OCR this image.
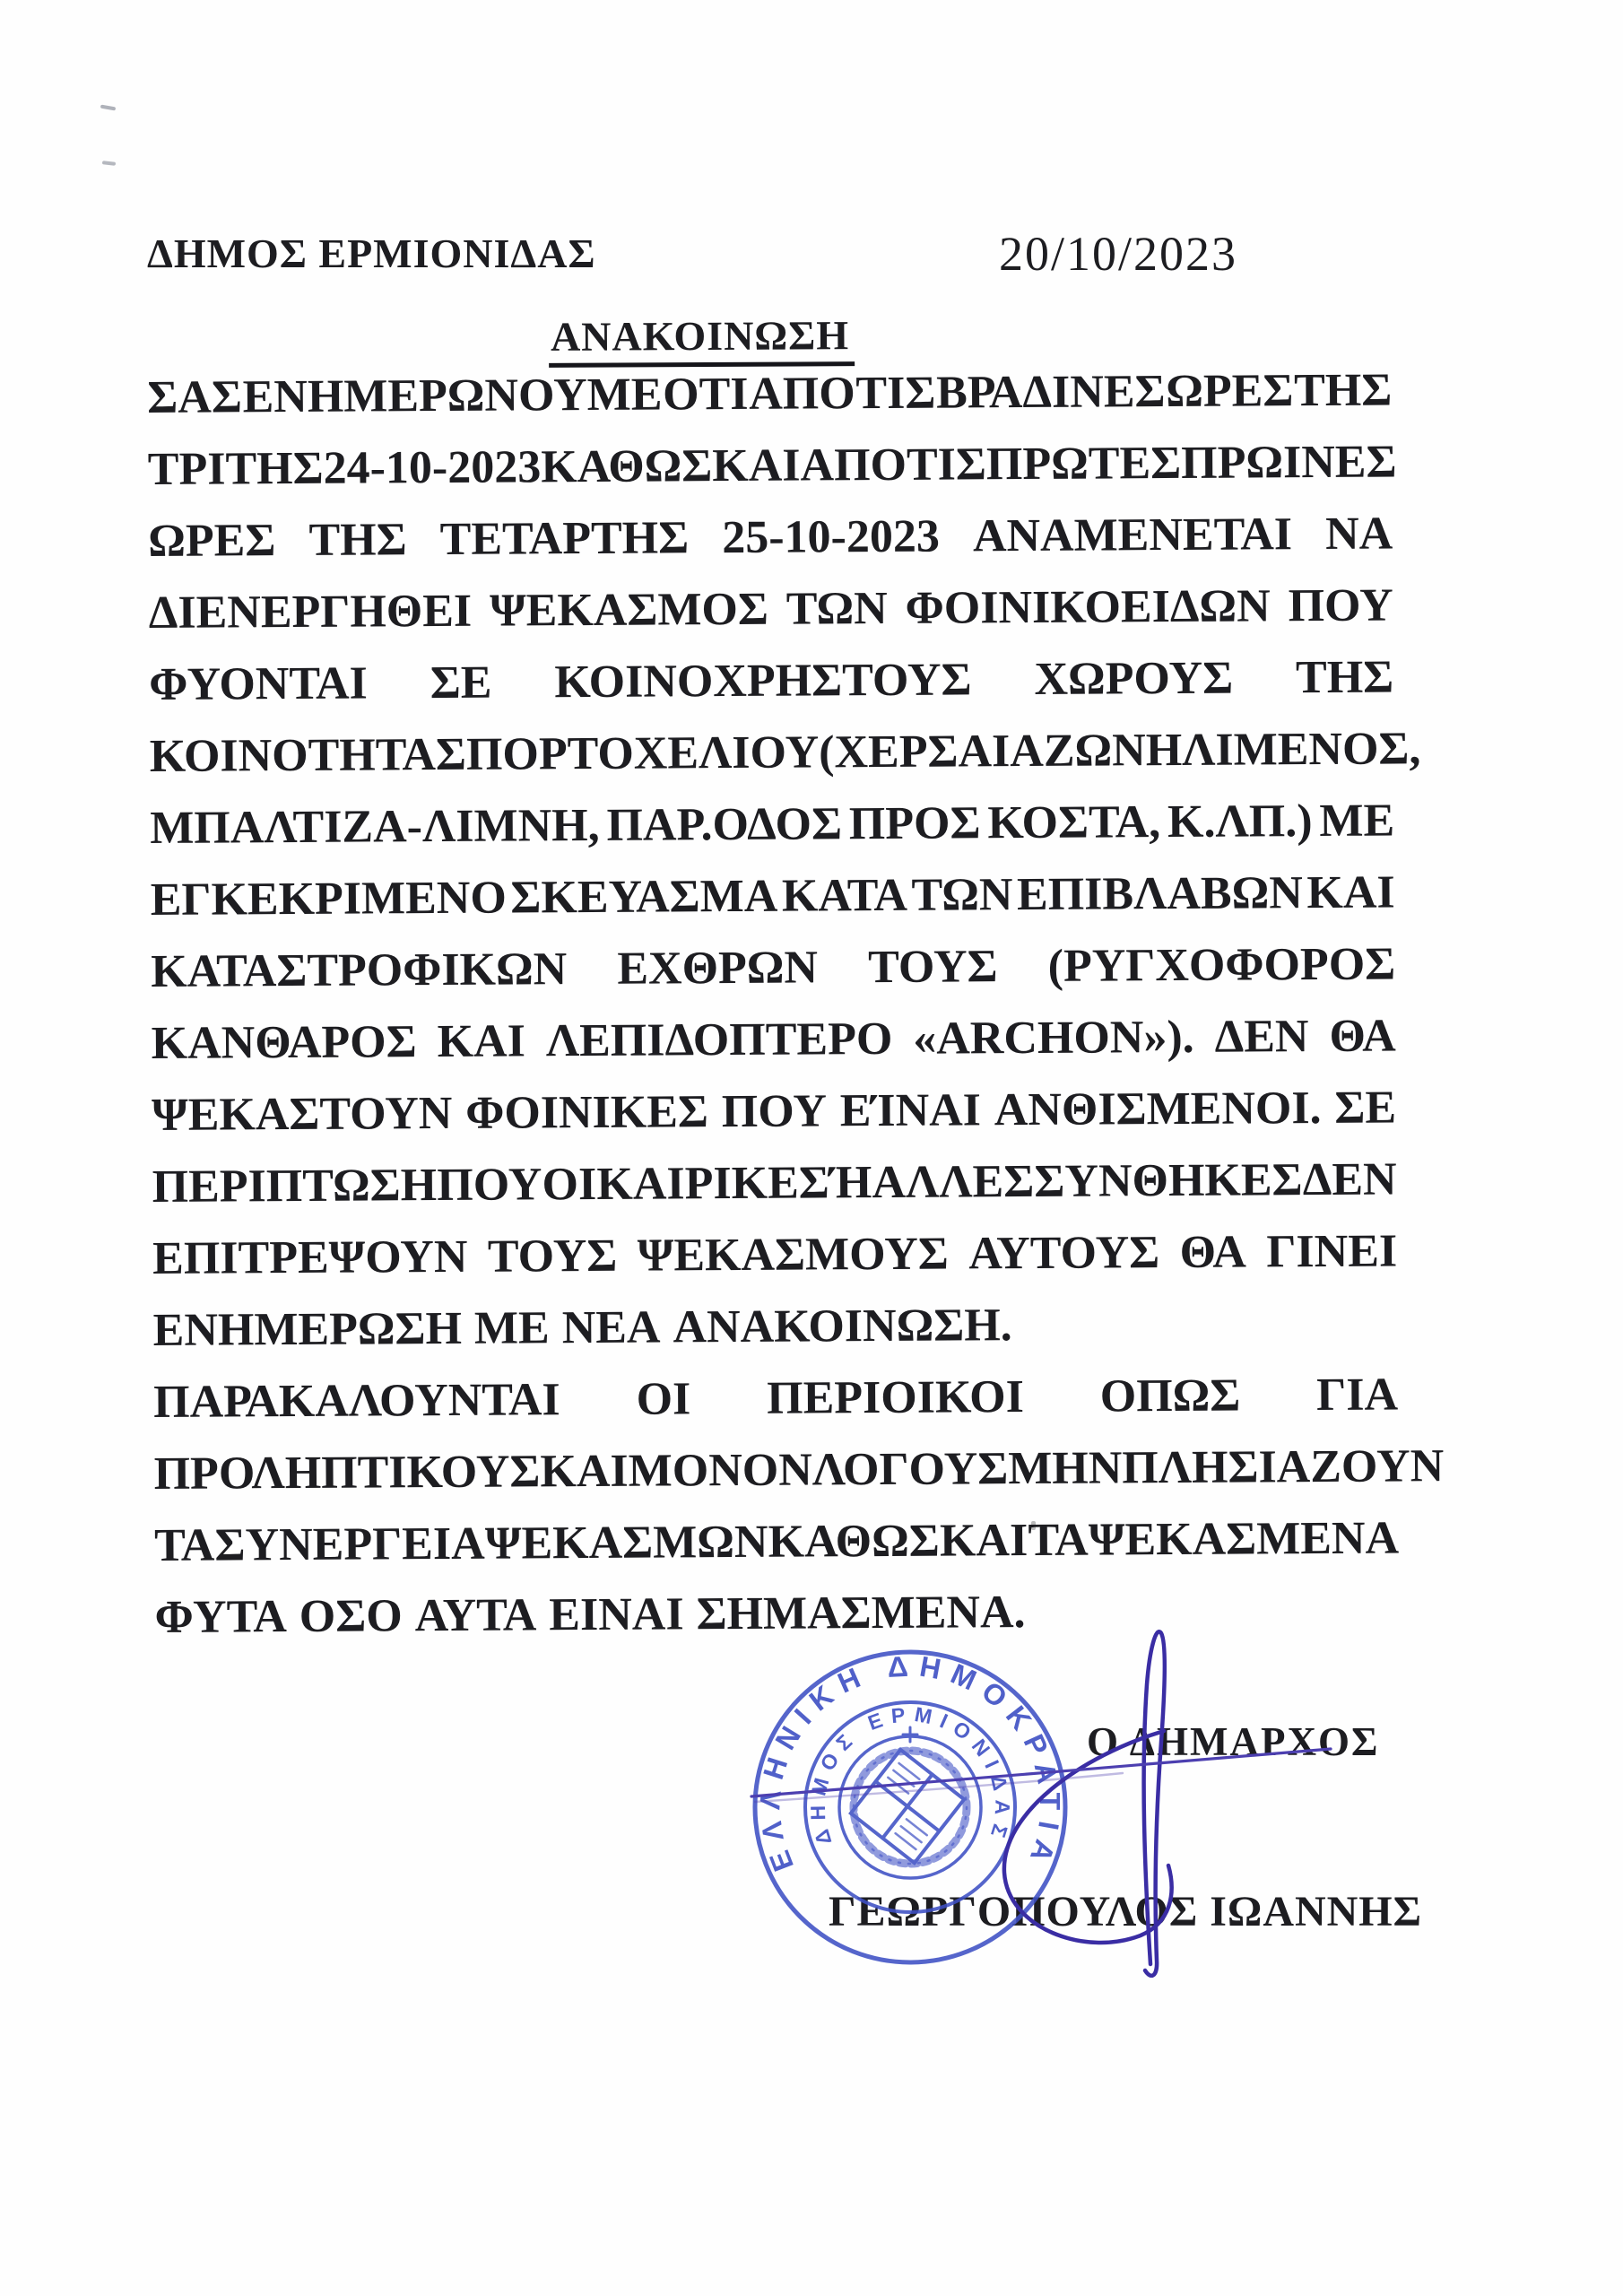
ΔΗΜΟΣ ΕΡΜΙΟΝΙΔΑΣ	20/10/2023
ΑΝΑΚΟΙΝΩΣΗ
ΣΑΣ ΕΝΗΜΕΡΩΝΟΥΜΕ ΟΤΙ ΑΠΟ ΤΙΣ ΒΡΑΔΙΝΕΣ ΩΡΕΣ ΤΗΣ
ΤΡΙΤΗΣ 24-10-2023 ΚΑΘΩΣ ΚΑΙ ΑΠΟ ΤΙΣ ΠΡΩΤΕΣ ΠΡΩΙΝΕΣ
ΩΡΕΣ ΤΗΣ ΤΕΤΑΡΤΗΣ 25-10-2023 ΑΝΑΜΕΝΕΤΑΙ ΝΑ
ΔΙΕΝΕΡΓΗΘΕΙ ΨΕΚΑΣΜΟΣ ΤΩΝ ΦΟΙΝΙΚΟΕΙΔΩΝ ΠΟΥ
ΦΥΟΝΤΑΙ ΣΕ ΚΟΙΝΟΧΡΗΣΤΟΥΣ ΧΩΡΟΥΣ ΤΗΣ
ΚΟΙΝΟΤΗΤΑΣ ΠΟΡΤΟΧΕΛΙΟΥ (ΧΕΡΣΑΙΑ ΖΩΝΗ ΛΙΜΕΝΟΣ,
ΜΠΑΛΤΙΖΑ-ΛΙΜΝΗ, ΠΑΡ.ΟΔΟΣ ΠΡΟΣ ΚΟΣΤΑ, Κ.ΛΠ.) ΜΕ
ΕΓΚΕΚΡΙΜΕΝΟ ΣΚΕΥΑΣΜΑ ΚΑΤΑ ΤΩΝ ΕΠΙΒΛΑΒΩΝ ΚΑΙ
ΚΑΤΑΣΤΡΟΦΙΚΩΝ ΕΧΘΡΩΝ ΤΟΥΣ (ΡΥΓΧΟΦΟΡΟΣ
ΚΑΝΘΑΡΟΣ ΚΑΙ ΛΕΠΙΔΟΠΤΕΡΟ «ARCHON»). ΔΕΝ ΘΑ
ΨΕΚΑΣΤΟΥΝ ΦΟΙΝΙΚΕΣ ΠΟΥ ΕΊΝΑΙ ΑΝΘΙΣΜΕΝΟΙ. ΣΕ
ΠΕΡΙΠΤΩΣΗ ΠΟΥ ΟΙ ΚΑΙΡΙΚΕΣ Ή ΑΛΛΕΣ ΣΥΝΘΗΚΕΣ ΔΕΝ
ΕΠΙΤΡΕΨΟΥΝ ΤΟΥΣ ΨΕΚΑΣΜΟΥΣ ΑΥΤΟΥΣ ΘΑ ΓΙΝΕΙ
ΕΝΗΜΕΡΩΣΗ ΜΕ ΝΕΑ ΑΝΑΚΟΙΝΩΣΗ.
ΠΑΡΑΚΑΛΟΥΝΤΑΙ ΟΙ ΠΕΡΙΟΙΚΟΙ ΟΠΩΣ ΓΙΑ
ΠΡΟΛΗΠΤΙΚΟΥΣ ΚΑΙ ΜΟΝΟΝ ΛΟΓΟΥΣ ΜΗΝ ΠΛΗΣΙΑΖΟΥΝ
ΤΑ ΣΥΝΕΡΓΕΙΑ ΨΕΚΑΣΜΩΝ ΚΑΘΩΣ ΚΑΙ ΤΑ ΨΕΚΑΣΜΕΝΑ
ΦΥΤΑ ΟΣΟ ΑΥΤΑ ΕΙΝΑΙ ΣΗΜΑΣΜΕΝΑ.
Ο ΔΗΜΑΡΧΟΣ
ΓΕΩΡΓΟΠΟΥΛΟΣ ΙΩΑΝΝΗΣ
ΕΛΛΗΝΙΚΗ ΔΗΜΟΚΡΑΤΙΑ
ΔΗΜΟΣ ΕΡΜΙΟΝΙΔΑΣ
